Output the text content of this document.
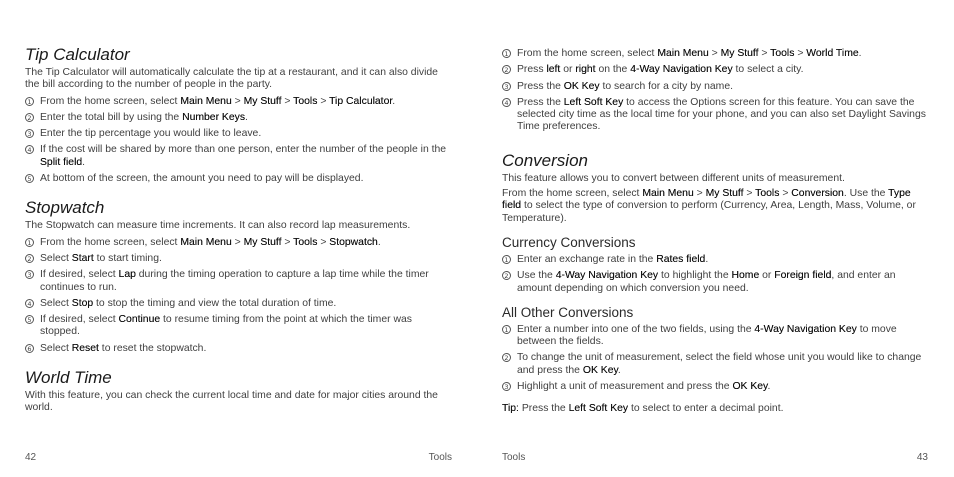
Tip Calculator

The Tip Calculator will automatically calculate the tip at a restaurant, and it can also divide the bill according to the number of people in the party.

1 From the home screen, select Main Menu > My Stuff > Tools > Tip Calculator.
2 Enter the total bill by using the Number Keys.
3 Enter the tip percentage you would like to leave.
4 If the cost will be shared by more than one person, enter the number of the people in the Split field.
5 At bottom of the screen, the amount you need to pay will be displayed.
Stopwatch

The Stopwatch can measure time increments. It can also record lap measurements.

1 From the home screen, select Main Menu > My Stuff > Tools > Stopwatch.
2 Select Start to start timing.
3 If desired, select Lap during the timing operation to capture a lap time while the timer continues to run.
4 Select Stop to stop the timing and view the total duration of time.
5 If desired, select Continue to resume timing from the point at which the timer was stopped.
6 Select Reset to reset the stopwatch.
World Time

With this feature, you can check the current local time and date for major cities around the world.

42	Tools
1 From the home screen, select Main Menu > My Stuff > Tools > World Time.
2 Press left or right on the 4-Way Navigation Key to select a city.
3 Press the OK Key to search for a city by name.
4 Press the Left Soft Key to access the Options screen for this feature. You can save the selected city time as the local time for your phone, and you can also set Daylight Savings Time preferences.
Conversion

This feature allows you to convert between different units of measurement.

From the home screen, select Main Menu > My Stuff > Tools > Conversion. Use the Type field to select the type of conversion to perform (Currency, Area, Length, Mass, Volume, or Temperature).

Currency Conversions
1 Enter an exchange rate in the Rates field.
2 Use the 4-Way Navigation Key to highlight the Home or Foreign field, and enter an amount depending on which conversion you need.
All Other Conversions
1 Enter a number into one of the two fields, using the 4-Way Navigation Key to move between the fields.
2 To change the unit of measurement, select the field whose unit you would like to change and press the OK Key.
3 Highlight a unit of measurement and press the OK Key.

Tip: Press the Left Soft Key to select to enter a decimal point.

Tools	43
